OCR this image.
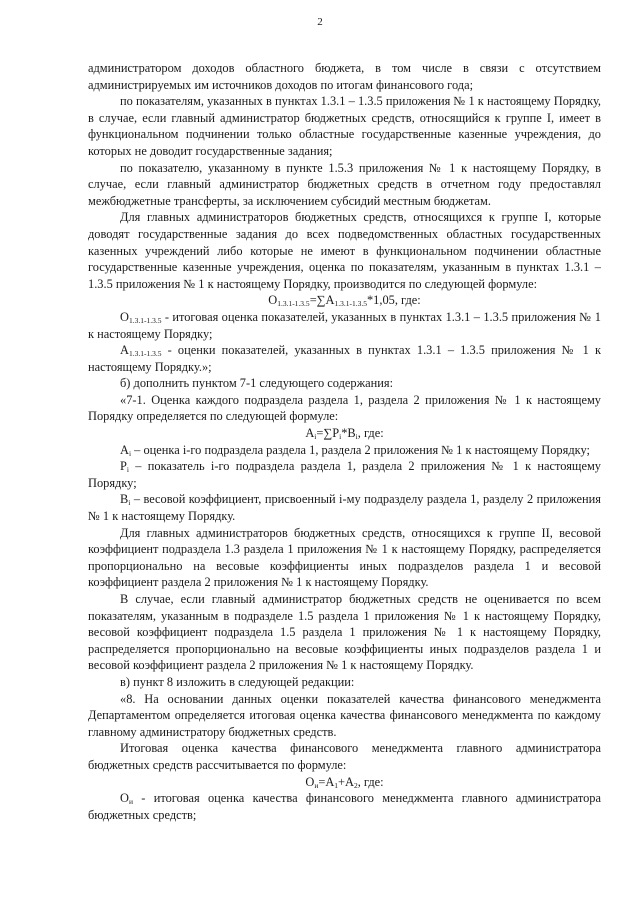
2

администратором доходов областного бюджета, в том числе в связи с отсутствием администрируемых им источников доходов по итогам финансового года;

по показателям, указанных в пунктах 1.3.1 – 1.3.5 приложения № 1 к настоящему Порядку, в случае, если главный администратор бюджетных средств, относящийся к группе I, имеет в функциональном подчинении только областные государственные казенные учреждения, до которых не доводит государственные задания;

по показателю, указанному в пункте 1.5.3 приложения № 1 к настоящему Порядку, в случае, если главный администратор бюджетных средств в отчетном году предоставлял межбюджетные трансферты, за исключением субсидий местным бюджетам.

Для главных администраторов бюджетных средств, относящихся к группе I, которые доводят государственные задания до всех подведомственных областных государственных казенных учреждений либо которые не имеют в функциональном подчинении областные государственные казенные учреждения, оценка по показателям, указанным в пунктах 1.3.1 – 1.3.5 приложения № 1 к настоящему Порядку, производится по следующей формуле:

$O_{1.3.1-1.3.5}=\sum A_{1.3.1-1.3.5}*1,05$, где:

$O_{1.3.1-1.3.5}$ - итоговая оценка показателей, указанных в пунктах 1.3.1 – 1.3.5 приложения № 1 к настоящему Порядку;

$A_{1.3.1-1.3.5}$ - оценки показателей, указанных в пунктах 1.3.1 – 1.3.5 приложения № 1 к настоящему Порядку.»;

б) дополнить пунктом 7-1 следующего содержания:

«7-1. Оценка каждого подраздела раздела 1, раздела 2 приложения № 1 к настоящему Порядку определяется по следующей формуле:

$A_i=\sum P_i*B_i$, где:

$A_i$ – оценка i-го подраздела раздела 1, раздела 2 приложения № 1 к настоящему Порядку;

$P_i$ – показатель i-го подраздела раздела 1, раздела 2 приложения № 1 к настоящему Порядку;

$B_i$ – весовой коэффициент, присвоенный i-му подразделу раздела 1, разделу 2 приложения № 1 к настоящему Порядку.

Для главных администраторов бюджетных средств, относящихся к группе II, весовой коэффициент подраздела 1.3 раздела 1 приложения № 1 к настоящему Порядку, распределяется пропорционально на весовые коэффициенты иных подразделов раздела 1 и весовой коэффициент раздела 2 приложения № 1 к настоящему Порядку.

В случае, если главный администратор бюджетных средств не оценивается по всем показателям, указанным в подразделе 1.5 раздела 1 приложения № 1 к настоящему Порядку, весовой коэффициент подраздела 1.5 раздела 1 приложения № 1 к настоящему Порядку, распределяется пропорционально на весовые коэффициенты иных подразделов раздела 1 и весовой коэффициент раздела 2 приложения № 1 к настоящему Порядку.

в) пункт 8 изложить в следующей редакции:

«8. На основании данных оценки показателей качества финансового менеджмента Департаментом определяется итоговая оценка качества финансового менеджмента по каждому главному администратору бюджетных средств.

Итоговая оценка качества финансового менеджмента главного администратора бюджетных средств рассчитывается по формуле:

$O_и=A_1+A_2$, где:

$O_и$ - итоговая оценка качества финансового менеджмента главного администратора бюджетных средств;
